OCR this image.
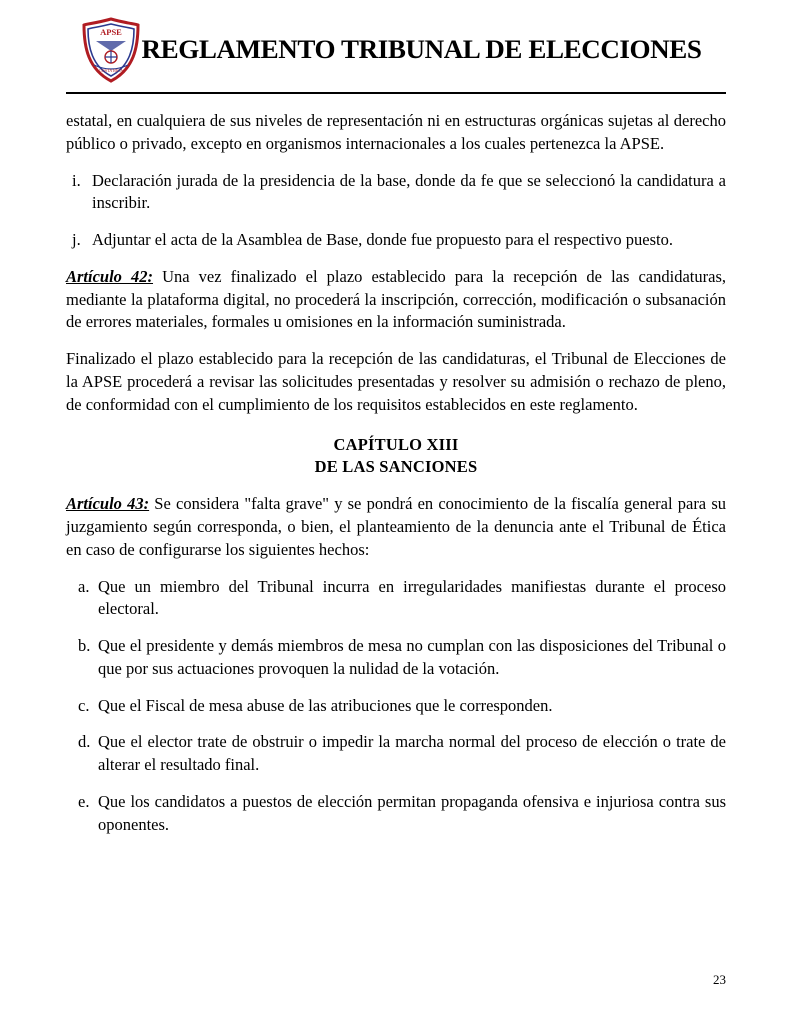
APSE
COSTA RICA
REGLAMENTO TRIBUNAL DE ELECCIONES

estatal, en cualquiera de sus niveles de representación ni en estructuras orgánicas sujetas al derecho público o privado, excepto en organismos internacionales a los cuales pertenezca la APSE.

i. Declaración jurada de la presidencia de la base, donde da fe que se seleccionó la candidatura a inscribir.
j. Adjuntar el acta de la Asamblea de Base, donde fue propuesto para el respectivo puesto.

Artículo 42: Una vez finalizado el plazo establecido para la recepción de las candidaturas, mediante la plataforma digital, no procederá la inscripción, corrección, modificación o subsanación de errores materiales, formales u omisiones en la información suministrada.

Finalizado el plazo establecido para la recepción de las candidaturas, el Tribunal de Elecciones de la APSE procederá a revisar las solicitudes presentadas y resolver su admisión o rechazo de pleno, de conformidad con el cumplimiento de los requisitos establecidos en este reglamento.

CAPÍTULO XIII
DE LAS SANCIONES

Artículo 43: Se considera "falta grave" y se pondrá en conocimiento de la fiscalía general para su juzgamiento según corresponda, o bien, el planteamiento de la denuncia ante el Tribunal de Ética en caso de configurarse los siguientes hechos:

a. Que un miembro del Tribunal incurra en irregularidades manifiestas durante el proceso electoral.
b. Que el presidente y demás miembros de mesa no cumplan con las disposiciones del Tribunal o que por sus actuaciones provoquen la nulidad de la votación.
c. Que el Fiscal de mesa abuse de las atribuciones que le corresponden.
d. Que el elector trate de obstruir o impedir la marcha normal del proceso de elección o trate de alterar el resultado final.
e. Que los candidatos a puestos de elección permitan propaganda ofensiva e injuriosa contra sus oponentes.
23
